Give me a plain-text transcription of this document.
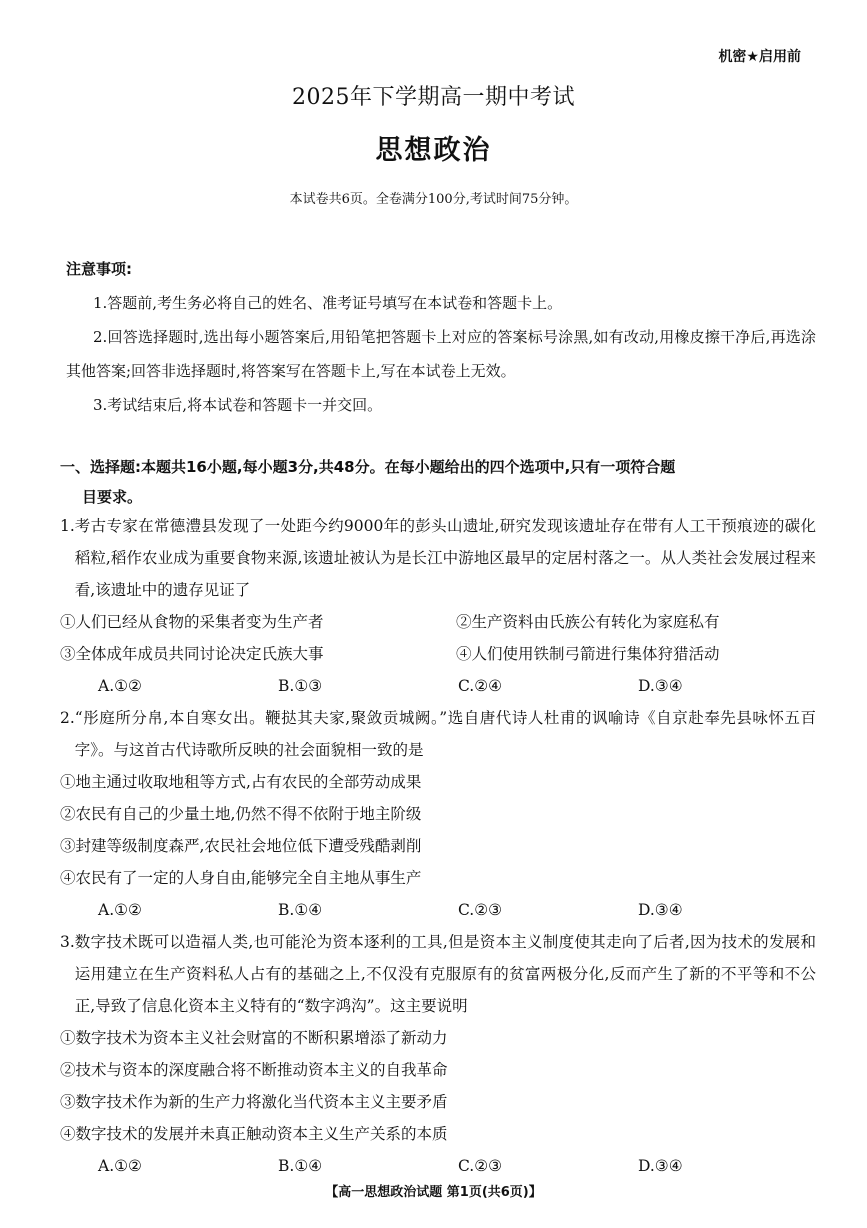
机密★启用前
2025年下学期高一期中考试
思想政治
本试卷共6页。全卷满分100分,考试时间75分钟。
注意事项:
1.答题前,考生务必将自己的姓名、准考证号填写在本试卷和答题卡上。
2.回答选择题时,选出每小题答案后,用铅笔把答题卡上对应的答案标号涂黑,如有改动,用橡皮擦干净后,再选涂其他答案;回答非选择题时,将答案写在答题卡上,写在本试卷上无效。
3.考试结束后,将本试卷和答题卡一并交回。
一、选择题:本题共16小题,每小题3分,共48分。在每小题给出的四个选项中,只有一项符合题
目要求。
1. 考古专家在常德澧县发现了一处距今约9000年的彭头山遗址,研究发现该遗址存在带有人工干预痕迹的碳化稻粒,稻作农业成为重要食物来源,该遗址被认为是长江中游地区最早的定居村落之一。从人类社会发展过程来看,该遗址中的遗存见证了
①人们已经从食物的采集者变为生产者	②生产资料由氏族公有转化为家庭私有
③全体成年成员共同讨论决定氏族大事	④人们使用铁制弓箭进行集体狩猎活动
A.①②	B.①③	C.②④	D.③④
2. “彤庭所分帛,本自寒女出。鞭挞其夫家,聚敛贡城阙。”选自唐代诗人杜甫的讽喻诗《自京赴奉先县咏怀五百字》。与这首古代诗歌所反映的社会面貌相一致的是
①地主通过收取地租等方式,占有农民的全部劳动成果
②农民有自己的少量土地,仍然不得不依附于地主阶级
③封建等级制度森严,农民社会地位低下遭受残酷剥削
④农民有了一定的人身自由,能够完全自主地从事生产
A.①②	B.①④	C.②③	D.③④
3. 数字技术既可以造福人类,也可能沦为资本逐利的工具,但是资本主义制度使其走向了后者,因为技术的发展和运用建立在生产资料私人占有的基础之上,不仅没有克服原有的贫富两极分化,反而产生了新的不平等和不公正,导致了信息化资本主义特有的“数字鸿沟”。这主要说明
①数字技术为资本主义社会财富的不断积累增添了新动力
②技术与资本的深度融合将不断推动资本主义的自我革命
③数字技术作为新的生产力将激化当代资本主义主要矛盾
④数字技术的发展并未真正触动资本主义生产关系的本质
A.①②	B.①④	C.②③	D.③④
【高一思想政治试题 第1页(共6页)】
